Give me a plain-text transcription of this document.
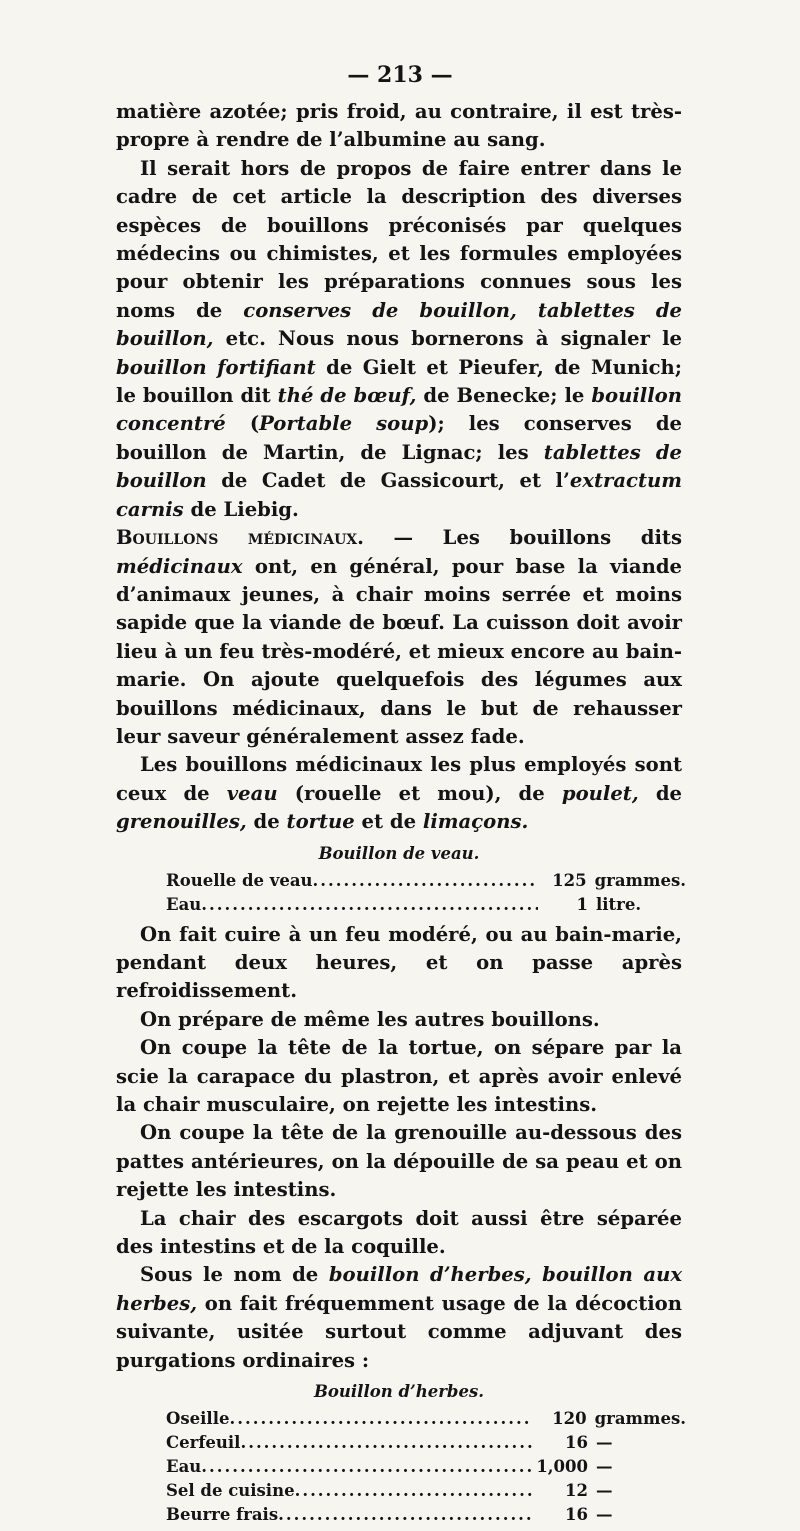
— 213 —

matière azotée; pris froid, au contraire, il est très-propre à rendre de l’albumine au sang.

Il serait hors de propos de faire entrer dans le cadre de cet article la description des diverses espèces de bouillons préconisés par quelques médecins ou chimistes, et les formules employées pour obtenir les préparations connues sous les noms de conserves de bouillon, tablettes de bouillon, etc. Nous nous bornerons à signaler le bouillon fortifiant de Gielt et Pieufer, de Munich; le bouillon dit thé de bœuf, de Benecke; le bouillon concentré (Portable soup); les conserves de bouillon de Martin, de Lignac; les tablettes de bouillon de Cadet de Gassicourt, et l’extractum carnis de Liebig.

Bouillons médicinaux. — Les bouillons dits médicinaux ont, en général, pour base la viande d’animaux jeunes, à chair moins serrée et moins sapide que la viande de bœuf. La cuisson doit avoir lieu à un feu très-modéré, et mieux encore au bain-marie. On ajoute quelquefois des légumes aux bouillons médicinaux, dans le but de rehausser leur saveur généralement assez fade.

Les bouillons médicinaux les plus employés sont ceux de veau (rouelle et mou), de poulet, de grenouilles, de tortue et de limaçons.

Bouillon de veau.
Rouelle de veau .....	125 grammes.
Eau .....	1 litre.

On fait cuire à un feu modéré, ou au bain-marie, pendant deux heures, et on passe après refroidissement.

On prépare de même les autres bouillons.

On coupe la tête de la tortue, on sépare par la scie la carapace du plastron, et après avoir enlevé la chair musculaire, on rejette les intestins.

On coupe la tête de la grenouille au-dessous des pattes antérieures, on la dépouille de sa peau et on rejette les intestins.

La chair des escargots doit aussi être séparée des intestins et de la coquille.

Sous le nom de bouillon d’herbes, bouillon aux herbes, on fait fréquemment usage de la décoction suivante, usitée surtout comme adjuvant des purgations ordinaires :

Bouillon d’herbes.
Oseille .....	120 grammes.
Cerfeuil .....	16 —
Eau .....	1,000 —
Sel de cuisine .....	12 —
Beurre frais .....	16 —
